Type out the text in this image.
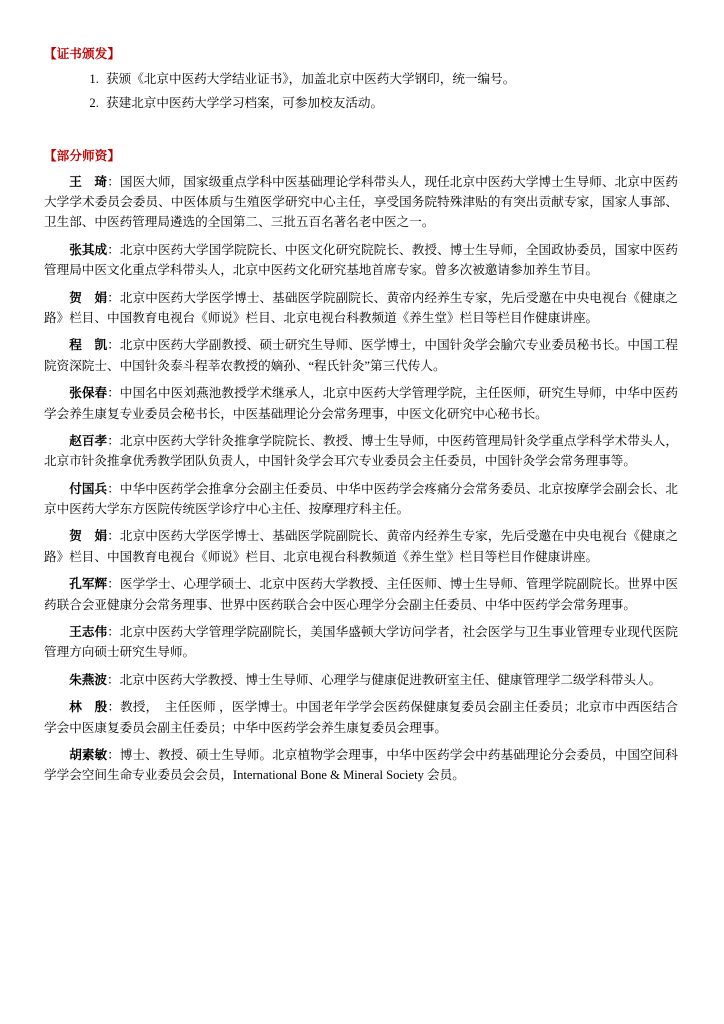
【证书颁发】
1. 获颁《北京中医药大学结业证书》，加盖北京中医药大学钢印，统一编号。
2. 获建北京中医药大学学习档案，可参加校友活动。
【部分师资】

王　琦：国医大师，国家级重点学科中医基础理论学科带头人，现任北京中医药大学博士生导师、北京中医药大学学术委员会委员、中医体质与生殖医学研究中心主任，享受国务院特殊津贴的有突出贡献专家，国家人事部、卫生部、中医药管理局遴选的全国第二、三批五百名著名老中医之一。

张其成：北京中医药大学国学院院长、中医文化研究院院长、教授、博士生导师，全国政协委员，国家中医药管理局中医文化重点学科带头人，北京中医药文化研究基地首席专家。曾多次被邀请参加养生节目。

贺　娟：北京中医药大学医学博士、基础医学院副院长、黄帝内经养生专家，先后受邀在中央电视台《健康之路》栏目、中国教育电视台《师说》栏目、北京电视台科教频道《养生堂》栏目等栏目作健康讲座。

程　凯：北京中医药大学副教授、硕士研究生导师、医学博士，中国针灸学会腧穴专业委员秘书长。中国工程院资深院士、中国针灸泰斗程莘农教授的嫡孙、“程氏针灸”第三代传人。

张保春：中国名中医刘燕池教授学术继承人，北京中医药大学管理学院，主任医师，研究生导师，中华中医药学会养生康复专业委员会秘书长，中医基础理论分会常务理事，中医文化研究中心秘书长。

赵百孝：北京中医药大学针灸推拿学院院长、教授、博士生导师，中医药管理局针灸学重点学科学术带头人，北京市针灸推拿优秀教学团队负责人，中国针灸学会耳穴专业委员会主任委员，中国针灸学会常务理事等。

付国兵：中华中医药学会推拿分会副主任委员、中华中医药学会疼痛分会常务委员、北京按摩学会副会长、北京中医药大学东方医院传统医学诊疗中心主任、按摩理疗科主任。

贺　娟：北京中医药大学医学博士、基础医学院副院长、黄帝内经养生专家，先后受邀在中央电视台《健康之路》栏目、中国教育电视台《师说》栏目、北京电视台科教频道《养生堂》栏目等栏目作健康讲座。

孔军辉：医学学士、心理学硕士、北京中医药大学教授、主任医师、博士生导师、管理学院副院长。世界中医药联合会亚健康分会常务理事、世界中医药联合会中医心理学分会副主任委员、中华中医药学会常务理事。

王志伟：北京中医药大学管理学院副院长，美国华盛顿大学访问学者，社会医学与卫生事业管理专业现代医院管理方向硕士研究生导师。

朱燕波：北京中医药大学教授、博士生导师、心理学与健康促进教研室主任、健康管理学二级学科带头人。

林　殷：教授，　主任医师 ，医学博士。中国老年学学会医药保健康复委员会副主任委员；北京市中西医结合学会中医康复委员会副主任委员；中华中医药学会养生康复委员会理事。

胡素敏：博士、教授、硕士生导师。北京植物学会理事，中华中医药学会中药基础理论分会委员，中国空间科学学会空间生命专业委员会会员，International Bone & Mineral Society 会员。
